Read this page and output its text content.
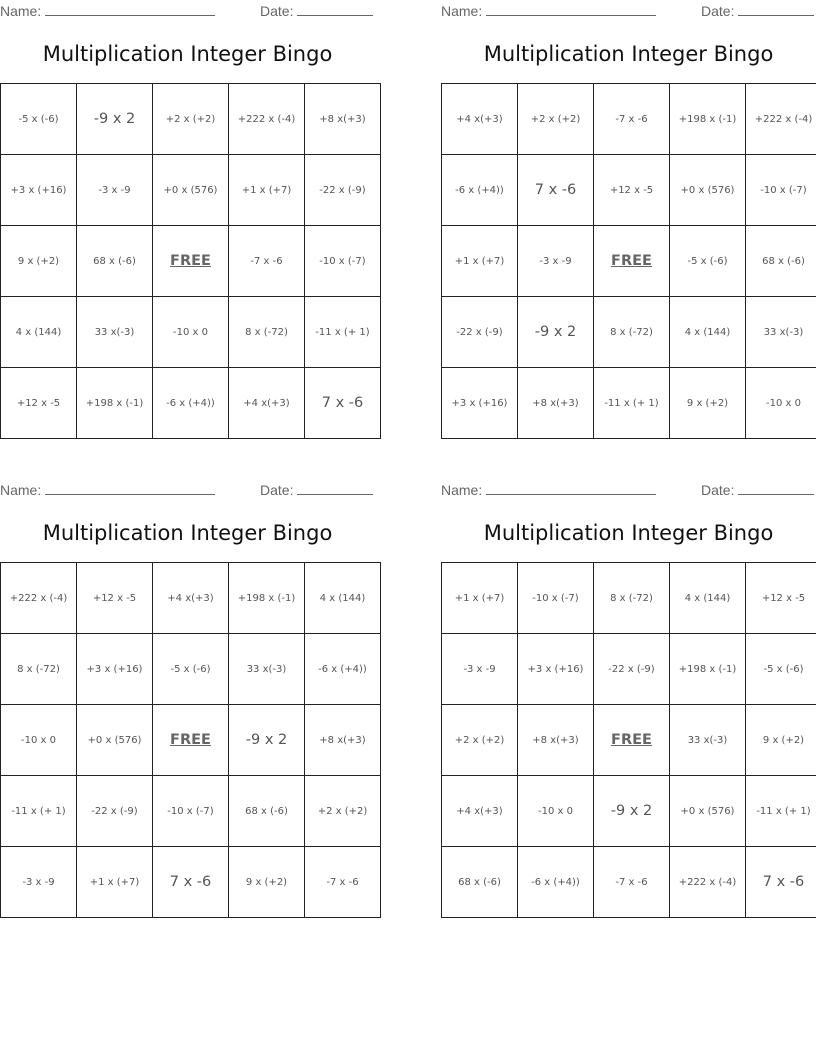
Name:	Date:
Multiplication Integer Bingo
-5 x (-6)	-9 x 2	+2 x (+2)	+222 x (-4)	+8 x(+3)
+3 x (+16)	-3 x -9	+0 x (576)	+1 x (+7)	-22 x (-9)
9 x (+2)	68 x (-6)	FREE	-7 x -6	-10 x (-7)
4 x (144)	33 x(-3)	-10 x 0	8 x (-72)	-11 x (+ 1)
+12 x -5	+198 x (-1)	-6 x (+4))	+4 x(+3)	7 x -6
Name:	Date:
Multiplication Integer Bingo
+4 x(+3)	+2 x (+2)	-7 x -6	+198 x (-1)	+222 x (-4)
-6 x (+4))	7 x -6	+12 x -5	+0 x (576)	-10 x (-7)
+1 x (+7)	-3 x -9	FREE	-5 x (-6)	68 x (-6)
-22 x (-9)	-9 x 2	8 x (-72)	4 x (144)	33 x(-3)
+3 x (+16)	+8 x(+3)	-11 x (+ 1)	9 x (+2)	-10 x 0
Name:	Date:
Multiplication Integer Bingo
+222 x (-4)	+12 x -5	+4 x(+3)	+198 x (-1)	4 x (144)
8 x (-72)	+3 x (+16)	-5 x (-6)	33 x(-3)	-6 x (+4))
-10 x 0	+0 x (576)	FREE	-9 x 2	+8 x(+3)
-11 x (+ 1)	-22 x (-9)	-10 x (-7)	68 x (-6)	+2 x (+2)
-3 x -9	+1 x (+7)	7 x -6	9 x (+2)	-7 x -6
Name:	Date:
Multiplication Integer Bingo
+1 x (+7)	-10 x (-7)	8 x (-72)	4 x (144)	+12 x -5
-3 x -9	+3 x (+16)	-22 x (-9)	+198 x (-1)	-5 x (-6)
+2 x (+2)	+8 x(+3)	FREE	33 x(-3)	9 x (+2)
+4 x(+3)	-10 x 0	-9 x 2	+0 x (576)	-11 x (+ 1)
68 x (-6)	-6 x (+4))	-7 x -6	+222 x (-4)	7 x -6
